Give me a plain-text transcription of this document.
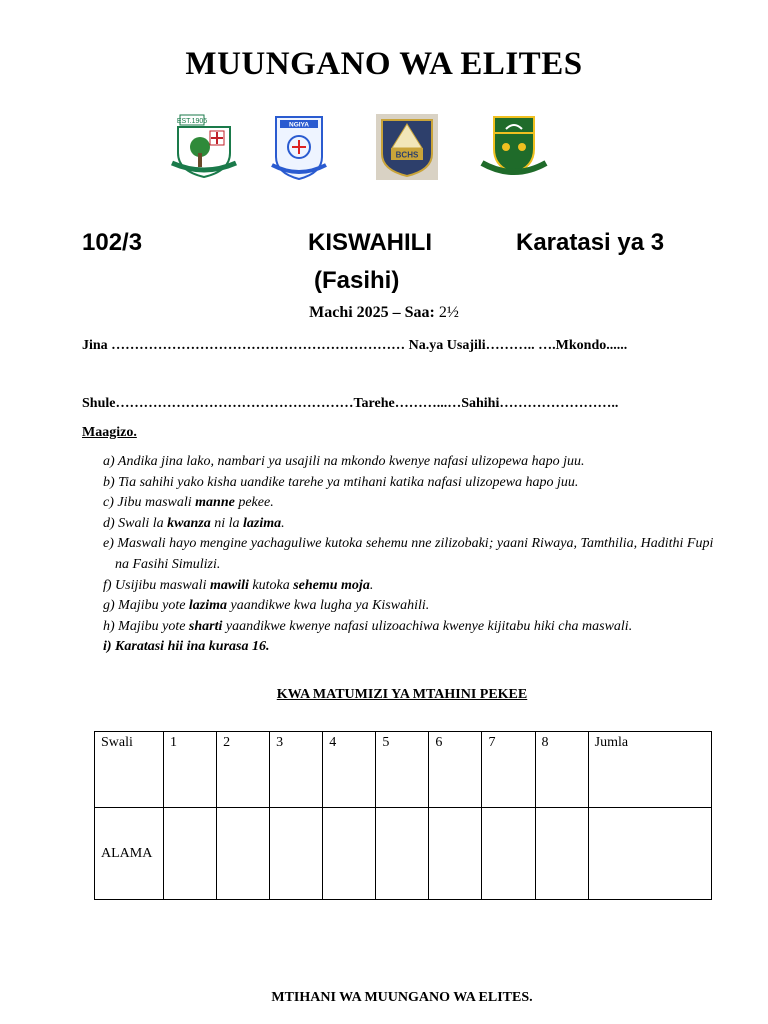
MUUNGANO WA ELITES
EST.1906	NGIYA
BCHS
102/3	KISWAHILI	Karatasi ya 3
(Fasihi)
Machi 2025 – Saa: 2½
Jina ……………………………………………………… Na.ya Usajili……….. ….Mkondo......
Shule……………………………………………Tarehe………...…Sahihi……………………..
Maagizo.
a) Andika jina lako, nambari ya usajili na mkondo kwenye nafasi ulizopewa hapo juu.
b) Tia sahihi yako kisha uandike tarehe ya mtihani katika nafasi ulizopewa hapo juu.
c) Jibu maswali manne pekee.
d) Swali la kwanza ni la lazima.
e) Maswali hayo mengine yachaguliwe kutoka sehemu nne zilizobaki; yaani Riwaya, Tamthilia, Hadithi Fupi na Fasihi Simulizi.
f) Usijibu maswali mawili kutoka sehemu moja.
g) Majibu yote lazima yaandikwe kwa lugha ya Kiswahili.
h) Majibu yote sharti yaandikwe kwenye nafasi ulizoachiwa kwenye kijitabu hiki cha maswali.
i) Karatasi hii ina kurasa 16.
KWA MATUMIZI YA MTAHINI PEKEE
Swali	1	2	3	4	5	6	7	8	Jumla
ALAMA									
MTIHANI WA MUUNGANO WA ELITES.
